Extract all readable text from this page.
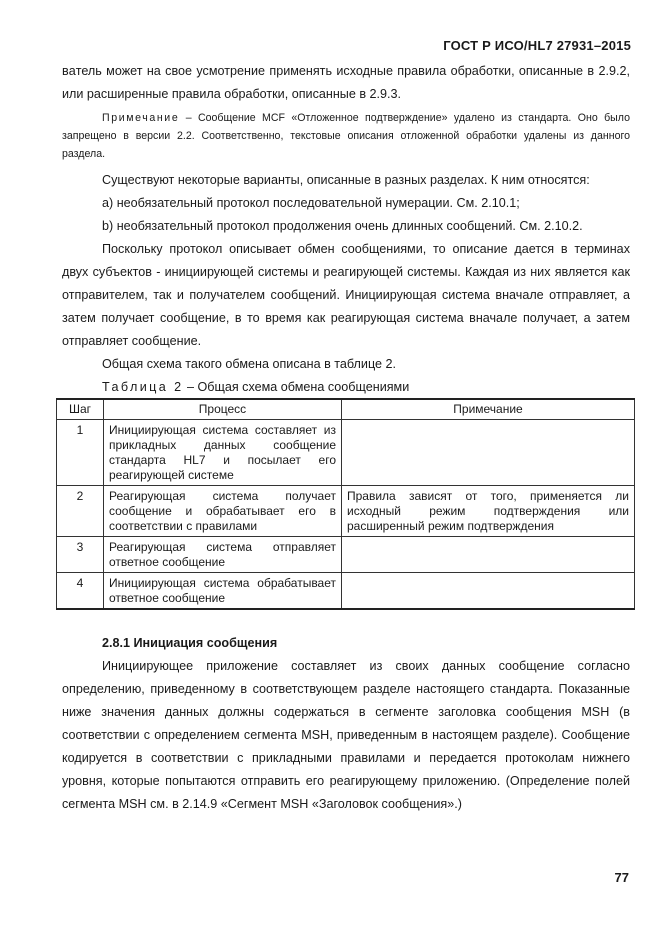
ГОСТ Р ИСО/HL7 27931–2015

вaтель может на свое усмотрение применять исходные правила обработки, описанные в 2.9.2, или расширенные правила обработки, описанные в 2.9.3.

Примечание – Сообщение MCF «Отложенное подтверждение» удалено из стандарта. Оно было запрещено в версии 2.2. Соответственно, текстовые описания отложенной обработки удалены из данного раздела.

Существуют некоторые варианты, описанные в разных разделах. К ним относятся:

a) необязательный протокол последовательной нумерации. См. 2.10.1;

b) необязательный протокол продолжения очень длинных сообщений. См. 2.10.2.

Поскольку протокол описывает обмен сообщениями, то описание дается в терминах двух субъектов - инициирующей системы и реагирующей системы. Каждая из них является как отправителем, так и получателем сообщений. Инициирующая система вначале отправляет, а затем получает сообщение, в то время как реагирующая система вначале получает, а затем отправляет сообщение.

Общая схема такого обмена описана в таблице 2.

Таблица 2 – Общая схема обмена сообщениями

Шаг	Процесс	Примечание
1	Инициирующая система составляет из прикладных данных сообщение стандарта HL7 и посылает его реагирующей системе	
2	Реагирующая система получает сообщение и обрабатывает его в соответствии с правилами	Правила зависят от того, применяется ли исходный режим подтверждения или расширенный режим подтверждения
3	Реагирующая система отправляет ответное сообщение	
4	Инициирующая система обрабатывает ответное сообщение	

2.8.1 Инициация сообщения

Инициирующее приложение составляет из своих данных сообщение согласно определению, приведенному в соответствующем разделе настоящего стандарта. Показанные ниже значения данных должны содержаться в сегменте заголовка сообщения MSH (в соответствии с определением сегмента MSH, приведенным в настоящем разделе). Сообщение кодируется в соответствии с прикладными правилами и передается протоколам нижнего уровня, которые попытаются отправить его реагирующему приложению. (Определение полей сегмента MSH см. в 2.14.9 «Сегмент MSH «Заголовок сообщения».)

77
